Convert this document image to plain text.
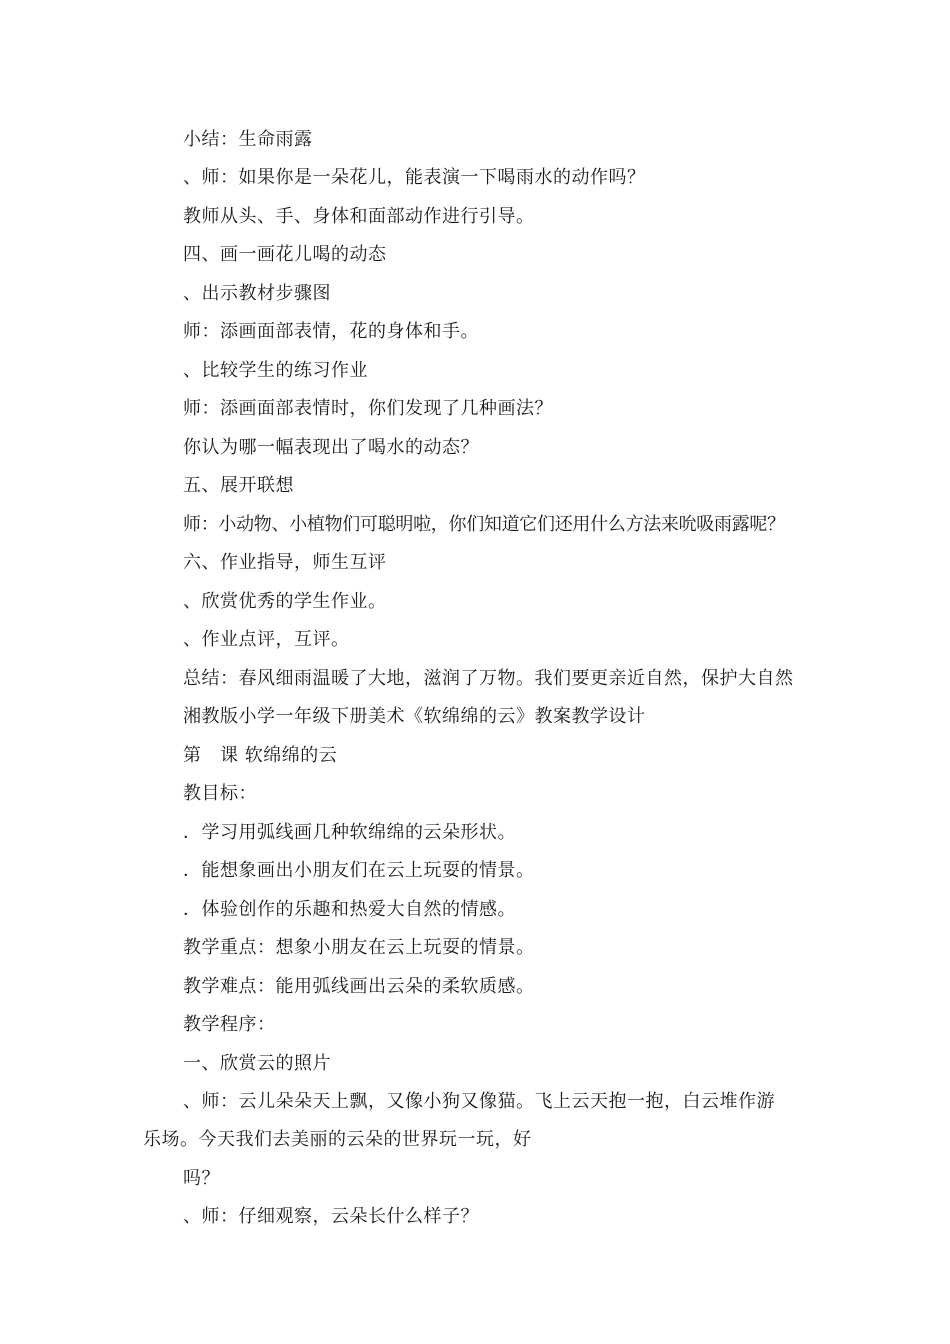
小结：生命雨露
、师：如果你是一朵花儿，能表演一下喝雨水的动作吗？
教师从头、手、身体和面部动作进行引导。
四、画一画花儿喝的动态
、出示教材步骤图
师：添画面部表情，花的身体和手。
、比较学生的练习作业
师：添画面部表情时，你们发现了几种画法？
你认为哪一幅表现出了喝水的动态？
五、展开联想
师：小动物、小植物们可聪明啦，你们知道它们还用什么方法来吮吸雨露呢？
六、作业指导，师生互评
、欣赏优秀的学生作业。
、作业点评，互评。
总结：春风细雨温暖了大地，滋润了万物。我们要更亲近自然，保护大自然
湘教版小学一年级下册美术《软绵绵的云》教案教学设计
第　课 软绵绵的云
教目标：
．学习用弧线画几种软绵绵的云朵形状。
．能想象画出小朋友们在云上玩耍的情景。
．体验创作的乐趣和热爱大自然的情感。
教学重点：想象小朋友在云上玩耍的情景。
教学难点：能用弧线画出云朵的柔软质感。
教学程序：
一、欣赏云的照片
、师：云儿朵朵天上飘，又像小狗又像猫。飞上云天抱一抱，白云堆作游
乐场。今天我们去美丽的云朵的世界玩一玩，好
吗？
、师：仔细观察，云朵长什么样子？
